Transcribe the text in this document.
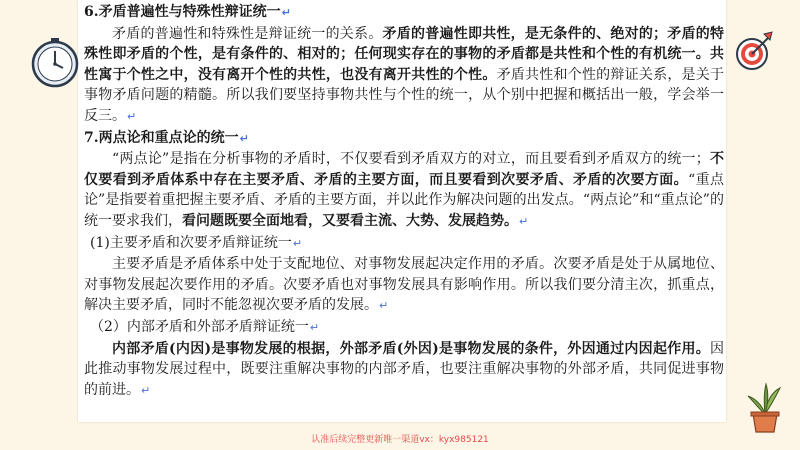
6.矛盾普遍性与特殊性辩证统一↵

矛盾的普遍性和特殊性是辩证统一的关系。矛盾的普遍性即共性，是无条件的、绝对的；矛盾的特殊性即矛盾的个性，是有条件的、相对的；任何现实存在的事物的矛盾都是共性和个性的有机统一。共性寓于个性之中，没有离开个性的共性，也没有离开共性的个性。矛盾共性和个性的辩证关系，是关于事物矛盾问题的精髓。所以我们要坚持事物共性与个性的统一，从个别中把握和概括出一般，学会举一反三。↵

7.两点论和重点论的统一↵

“两点论”是指在分析事物的矛盾时，不仅要看到矛盾双方的对立，而且要看到矛盾双方的统一；不仅要看到矛盾体系中存在主要矛盾、矛盾的主要方面，而且要看到次要矛盾、矛盾的次要方面。“重点论”是指要着重把握主要矛盾、矛盾的主要方面，并以此作为解决问题的出发点。“两点论”和“重点论”的统一要求我们，看问题既要全面地看，又要看主流、大势、发展趋势。↵

(1)主要矛盾和次要矛盾辩证统一↵

主要矛盾是矛盾体系中处于支配地位、对事物发展起决定作用的矛盾。次要矛盾是处于从属地位、对事物发展起次要作用的矛盾。次要矛盾也对事物发展具有影响作用。所以我们要分清主次，抓重点，解决主要矛盾，同时不能忽视次要矛盾的发展。↵

（2）内部矛盾和外部矛盾辩证统一↵

内部矛盾(内因)是事物发展的根据，外部矛盾(外因)是事物发展的条件，外因通过内因起作用。因此推动事物发展过程中，既要注重解决事物的内部矛盾，也要注重解决事物的外部矛盾，共同促进事物的前进。↵

认准后续完整更新唯一渠道vx：kyx985121
